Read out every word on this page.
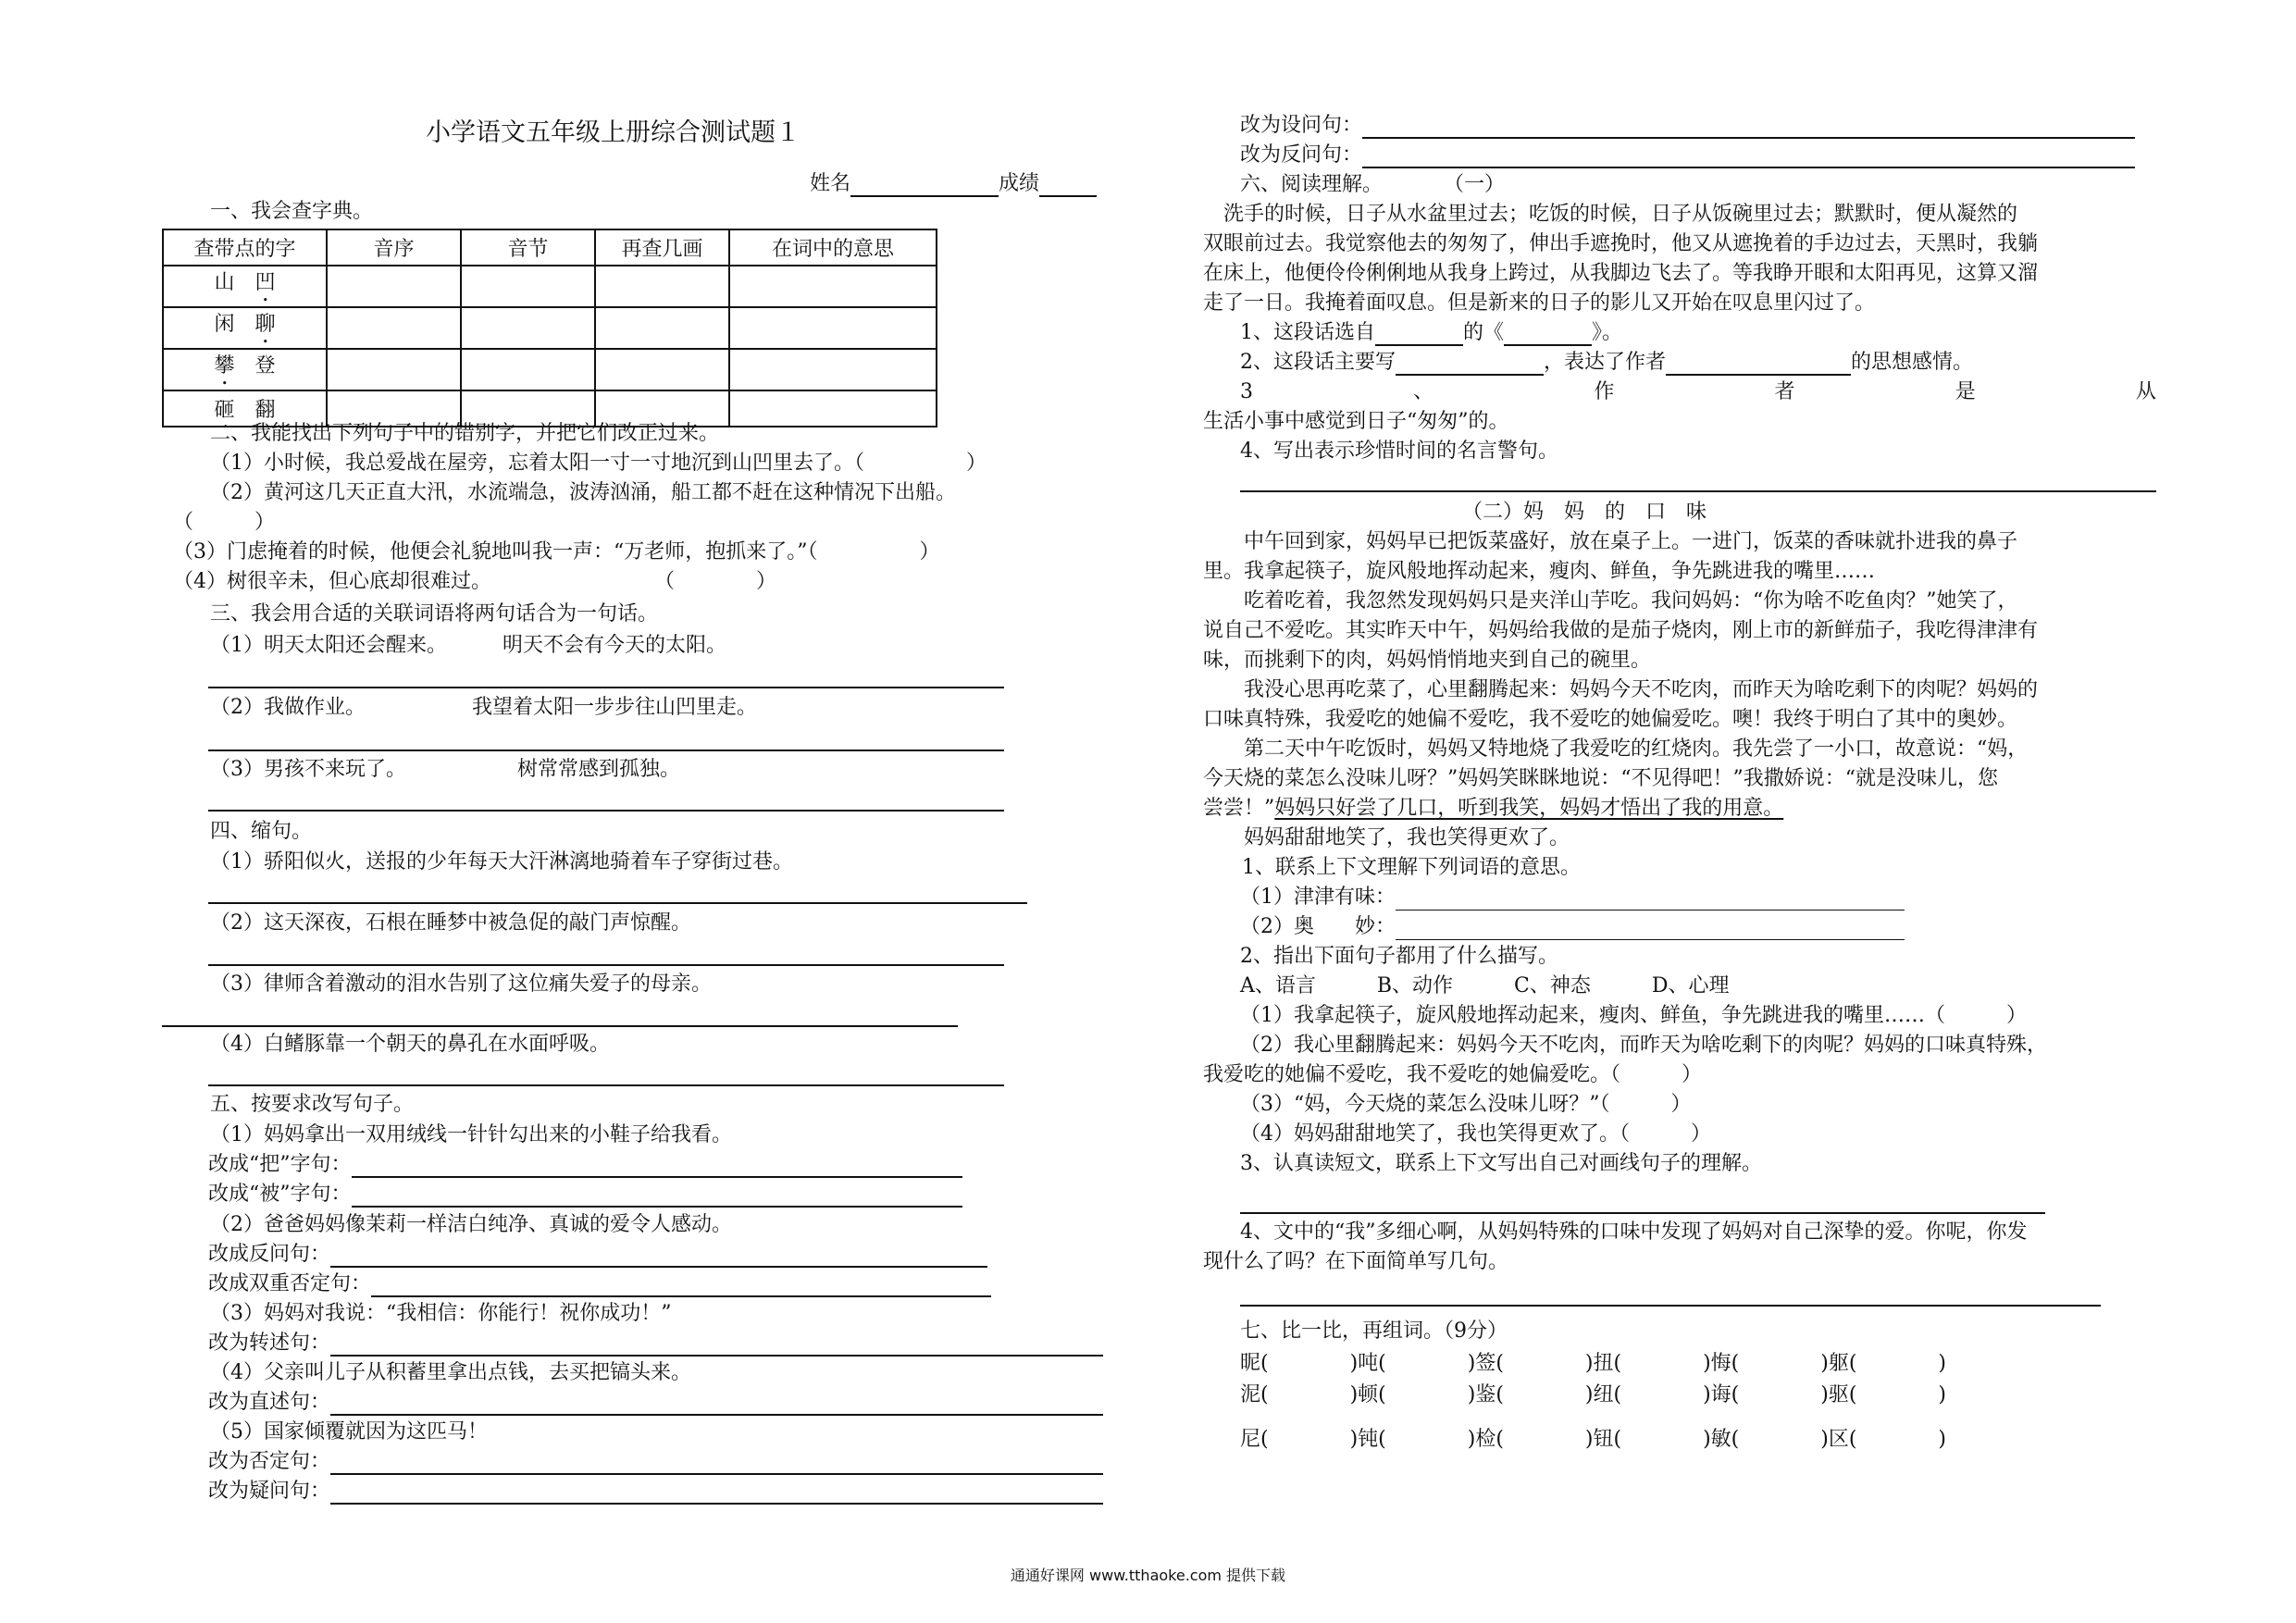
小学语文五年级上册综合测试题１
姓名	成绩
一、我会查字典。
查带点的字	音序	音节	再查几画	在词中的意思
山　 凹				
闲　 聊				
攀　 登				
砸　 翻				
二、我能找出下列句子中的错别字，并把它们改正过来。
（1）小时候，我总爱战在屋旁，忘着太阳一寸一寸地沉到山凹里去了。（　　　　　）
（2）黄河这几天正直大汛，水流端急，波涛汹涌，船工都不赶在这种情况下出船。
（　　　）
（3）门虑掩着的时候，他便会礼貌地叫我一声：“万老师，抱抓来了。”（　　　　　）
（4）树很辛未，但心底却很难过。　　　　　　　　　（　　　　）
三、我会用合适的关联词语将两句话合为一句话。
（1）明天太阳还会醒来。	明天不会有今天的太阳。
（2）我做作业。	我望着太阳一步步往山凹里走。
（3）男孩不来玩了。	树常常感到孤独。
四、缩句。
（1）骄阳似火，送报的少年每天大汗淋漓地骑着车子穿街过巷。
（2）这天深夜，石根在睡梦中被急促的敲门声惊醒。
（3）律师含着激动的泪水告别了这位痛失爱子的母亲。
（4）白鳍豚靠一个朝天的鼻孔在水面呼吸。
五、按要求改写句子。
（1）妈妈拿出一双用绒线一针针勾出来的小鞋子给我看。
改成“把”字句：
改成“被”字句：
（2）爸爸妈妈像茉莉一样洁白纯净、真诚的爱令人感动。
改成反问句：
改成双重否定句：
（3）妈妈对我说：“我相信：你能行！祝你成功！”
改为转述句：
（4）父亲叫儿子从积蓄里拿出点钱，去买把镐头来。
改为直述句：
（5）国家倾覆就因为这匹马！
改为否定句：
改为疑问句：
改为设问句：
改为反问句：
六、阅读理解。　　　　（一）
　洗手的时候，日子从水盆里过去；吃饭的时候，日子从饭碗里过去；默默时，便从凝然的
双眼前过去。我觉察他去的匆匆了，伸出手遮挽时，他又从遮挽着的手边过去，天黑时，我躺
在床上，他便伶伶俐俐地从我身上跨过，从我脚边飞去了。等我睁开眼和太阳再见，这算又溜
走了一日。我掩着面叹息。但是新来的日子的影儿又开始在叹息里闪过了。
1、这段话选自	的《	》。
2、这段话主要写	，表达了作者	的思想感情。
3	、	作	者	是	从
生活小事中感觉到日子“匆匆”的。
4、写出表示珍惜时间的名言警句。
（二）妈　妈　的　口　味
　　中午回到家，妈妈早已把饭菜盛好，放在桌子上。一进门，饭菜的香味就扑进我的鼻子
里。我拿起筷子，旋风般地挥动起来，瘦肉、鲜鱼，争先跳进我的嘴里……
　　吃着吃着，我忽然发现妈妈只是夹洋山芋吃。我问妈妈：“你为啥不吃鱼肉？”她笑了，
说自己不爱吃。其实昨天中午，妈妈给我做的是茄子烧肉，刚上市的新鲜茄子，我吃得津津有
味，而挑剩下的肉，妈妈悄悄地夹到自己的碗里。
　　我没心思再吃菜了，心里翻腾起来：妈妈今天不吃肉，而昨天为啥吃剩下的肉呢？妈妈的
口味真特殊，我爱吃的她偏不爱吃，我不爱吃的她偏爱吃。噢！我终于明白了其中的奥妙。
　　第二天中午吃饭时，妈妈又特地烧了我爱吃的红烧肉。我先尝了一小口，故意说：“妈，
今天烧的菜怎么没味儿呀？”妈妈笑眯眯地说：“不见得吧！”我撒娇说：“就是没味儿，您
尝尝！”妈妈只好尝了几口，听到我笑，妈妈才悟出了我的用意。
　　妈妈甜甜地笑了，我也笑得更欢了。
　1、联系上下文理解下列词语的意思。
（1）津津有味：
（2）奥　　妙：
2、指出下面句子都用了什么描写。
A、语言　　　B、动作　　　C、神态　　　D、心理
（1）我拿起筷子，旋风般地挥动起来，瘦肉、鲜鱼，争先跳进我的嘴里……（　　　）
（2）我心里翻腾起来：妈妈今天不吃肉，而昨天为啥吃剩下的肉呢？妈妈的口味真特殊，
我爱吃的她偏不爱吃，我不爱吃的她偏爱吃。（　　　）
（3）“妈，今天烧的菜怎么没味儿呀？”（　　　）
（4）妈妈甜甜地笑了，我也笑得更欢了。（　　　）
3、认真读短文，联系上下文写出自己对画线句子的理解。
4、文中的“我”多细心啊，从妈妈特殊的口味中发现了妈妈对自己深挚的爱。你呢，你发
现什么了吗？在下面简单写几句。
七、比一比，再组词。（9分）
昵(　　　　)吨(　　　　)签(　　　　)扭(　　　　)悔(　　　　)躯(　　　　)
泥(　　　　)顿(　　　　)鉴(　　　　)纽(　　　　)诲(　　　　)驱(　　　　)
尼(　　　　)钝(　　　　)检(　　　　)钮(　　　　)敏(　　　　)区(　　　　)
通通好课网 www.tthaoke.com 提供下载
